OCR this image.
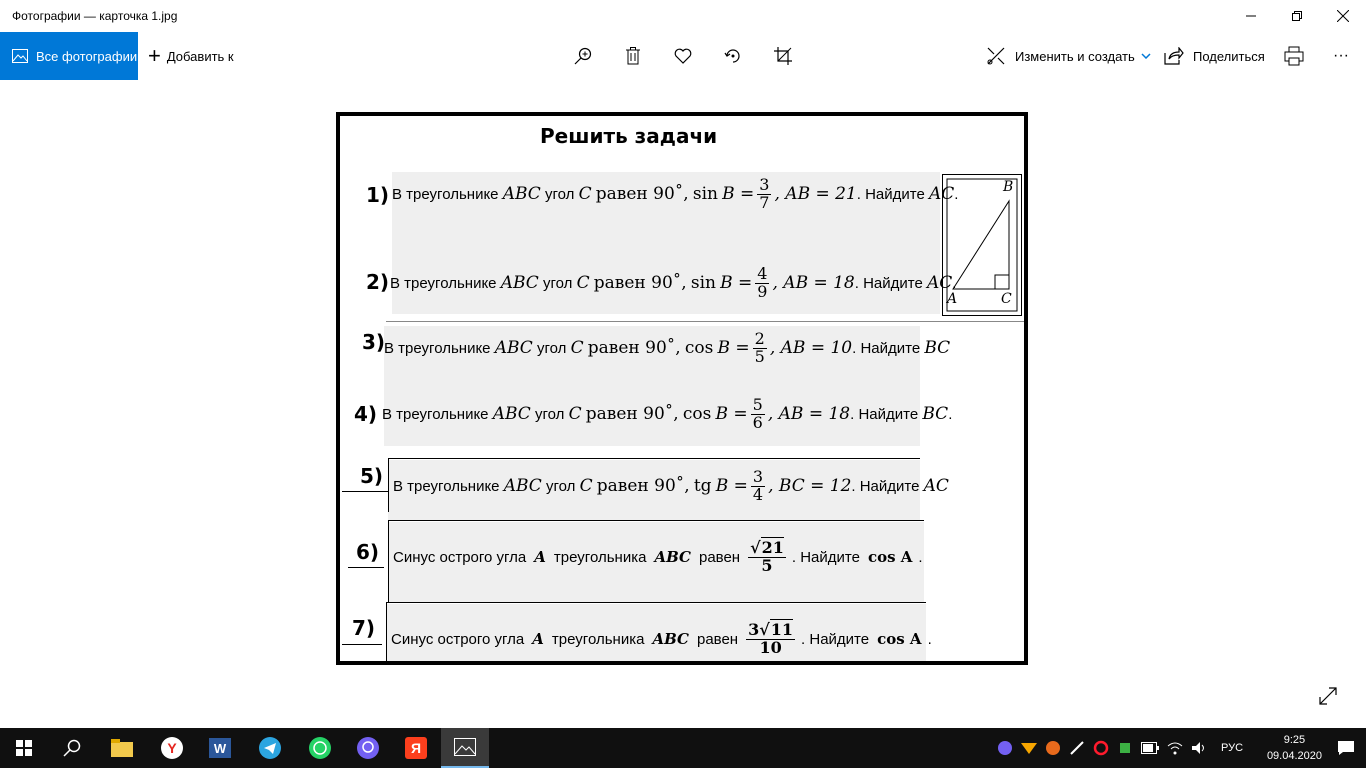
Фотографии — карточка 1.jpg
Все фотографии + Добавить к	Изменить и создать	Поделиться	···
Решить задачи
1)
2)
3)
4)
5)
6)
7)
В треугольнике
ABC
угол
C
равен 90˚,
sin
$B = \frac{3}{7}$ , AB = 21 . Найдите
AC .
В треугольнике
ABC
угол
C
равен 90˚,
sin
$B = \frac{4}{9}$ , AB = 18 . Найдите
AC .
В треугольнике
ABC
угол
C
равен 90˚,
cos
$B = \frac{2}{5}$ , AB = 10 . Найдите
BC
В треугольнике
ABC
угол
C
равен 90˚,
cos
$B = \frac{5}{6}$ , AB = 18 . Найдите
BC .
В треугольнике
ABC
угол
C
равен 90˚,
tg
$B = \frac{3}{4}$ , BC = 12 . Найдите
AC
Синус острого угла A треугольника ABC равен $\frac{√21}{5}$ . Найдите cos A .
Синус острого угла A треугольника ABC равен $\frac{3√11}{10}$ . Найдите cos A .
B
A	C
Y	W	Я	РУС
9:25
09.04.2020
